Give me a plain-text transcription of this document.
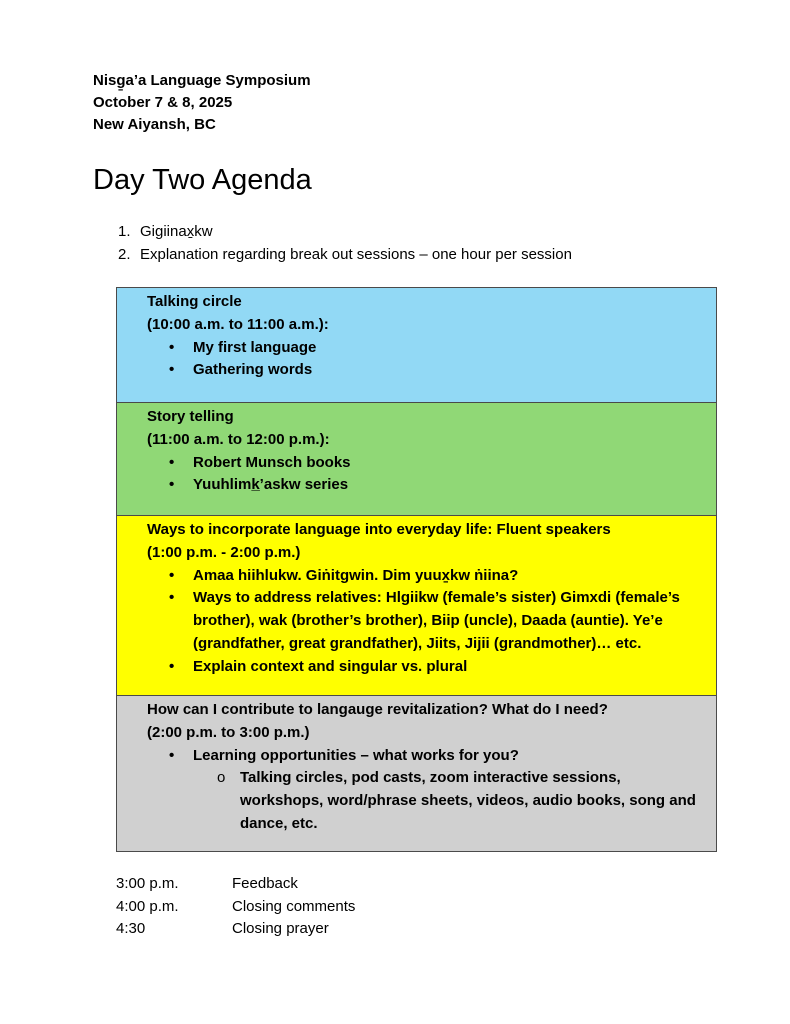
Nisg̱a’a Language Symposium
October 7 & 8, 2025
New Aiyansh, BC
Day Two Agenda
1. Gigiinax̱kw
2. Explanation regarding break out sessions – one hour per session
Talking circle
(10:00 a.m. to 11:00 a.m.):
• My first language
• Gathering words
Story telling
(11:00 a.m. to 12:00 p.m.):
• Robert Munsch books
• Yuuhlimk̲’askw series
Ways to incorporate language into everyday life: Fluent speakers
(1:00 p.m. - 2:00 p.m.)
• Amaa hiihlukw. Giṅitgwin. Dim yuux̱kw ṅiina?
• Ways to address relatives: Hlgiikw (female’s sister) Gimxdi (female’s brother), wak (brother’s brother), Biip (uncle), Daada (auntie). Ye’e (grandfather, great grandfather), Jiits, Jijii (grandmother)… etc.
• Explain context and singular vs. plural
How can I contribute to langauge revitalization? What do I need?
(2:00 p.m. to 3:00 p.m.)
• Learning opportunities – what works for you?
o Talking circles, pod casts, zoom interactive sessions, workshops, word/phrase sheets, videos, audio books, song and dance, etc.
3:00 p.m.	Feedback
4:00 p.m.	Closing comments
4:30	Closing prayer
